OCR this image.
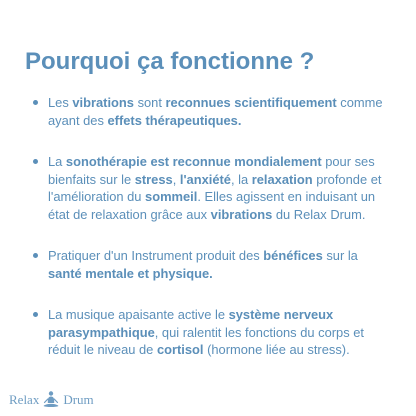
Pourquoi ça fonctionne ?
Les vibrations sont reconnues scientifiquement comme ayant des effets thérapeutiques.
La sonothérapie est reconnue mondialement pour ses bienfaits sur le stress, l'anxiété, la relaxation profonde et l'amélioration du sommeil. Elles agissent en induisant un état de relaxation grâce aux vibrations du Relax Drum.
Pratiquer d'un Instrument produit des bénéfices sur la santé mentale et physique.
La musique apaisante active le système nerveux parasympathique, qui ralentit les fonctions du corps et réduit le niveau de cortisol (hormone liée au stress).
Relax Drum
